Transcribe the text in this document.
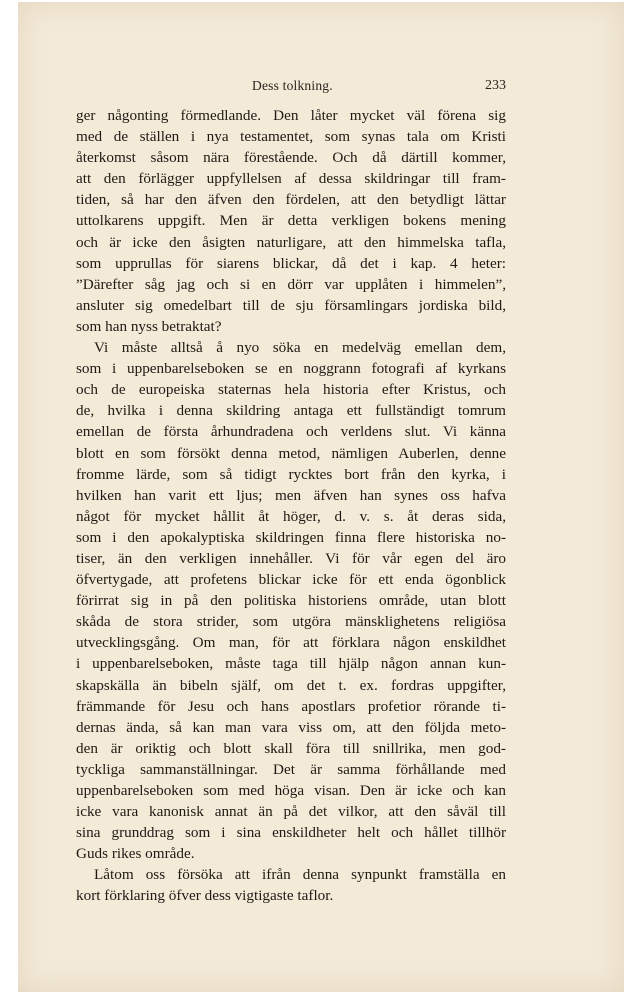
Dess tolkning.	233
ger någonting förmedlande. Den låter mycket väl förena sig
med de ställen i nya testamentet, som synas tala om Kristi
återkomst såsom nära förestående. Och då därtill kommer,
att den förlägger uppfyllelsen af dessa skildringar till fram-
tiden, så har den äfven den fördelen, att den betydligt lättar
uttolkarens uppgift. Men är detta verkligen bokens mening
och är icke den åsigten naturligare, att den himmelska tafla,
som upprullas för siarens blickar, då det i kap. 4 heter:
”Därefter såg jag och si en dörr var upplåten i himmelen”,
ansluter sig omedelbart till de sju församlingars jordiska bild,
som han nyss betraktat?
Vi måste alltså å nyo söka en medelväg emellan dem,
som i uppenbarelseboken se en noggrann fotografi af kyrkans
och de europeiska staternas hela historia efter Kristus, och
de, hvilka i denna skildring antaga ett fullständigt tomrum
emellan de första århundradena och verldens slut. Vi känna
blott en som försökt denna metod, nämligen Auberlen, denne
fromme lärde, som så tidigt rycktes bort från den kyrka, i
hvilken han varit ett ljus; men äfven han synes oss hafva
något för mycket hållit åt höger, d. v. s. åt deras sida,
som i den apokalyptiska skildringen finna flere historiska no-
tiser, än den verkligen innehåller. Vi för vår egen del äro
öfvertygade, att profetens blickar icke för ett enda ögonblick
förirrat sig in på den politiska historiens område, utan blott
skåda de stora strider, som utgöra mänsklighetens religiösa
utvecklingsgång. Om man, för att förklara någon enskildhet
i uppenbarelseboken, måste taga till hjälp någon annan kun-
skapskälla än bibeln själf, om det t. ex. fordras uppgifter,
främmande för Jesu och hans apostlars profetior rörande ti-
dernas ända, så kan man vara viss om, att den följda meto-
den är oriktig och blott skall föra till snillrika, men god-
tyckliga sammanställningar. Det är samma förhållande med
uppenbarelseboken som med höga visan. Den är icke och kan
icke vara kanonisk annat än på det vilkor, att den såväl till
sina grunddrag som i sina enskildheter helt och hållet tillhör
Guds rikes område.
Låtom oss försöka att ifrån denna synpunkt framställa en
kort förklaring öfver dess vigtigaste taflor.
